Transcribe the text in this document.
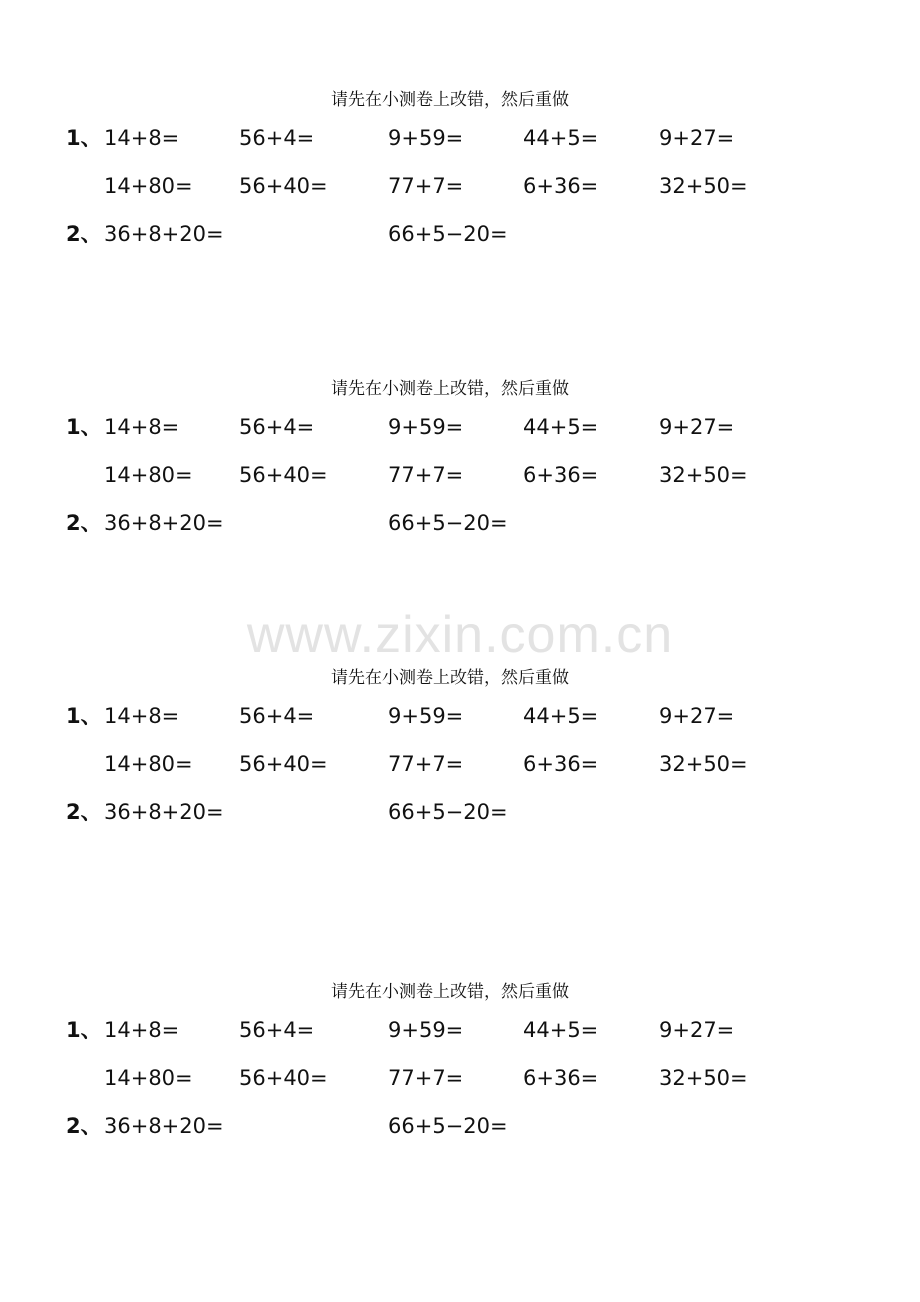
www.zixin.com.cn
请先在小测卷上改错，然后重做
1、 14+8=	56+4=	9+59=	44+5=	9+27=
14+80= 56+40=	77+7=	6+36=	32+50=
2、 36+8+20=	66+5−20=
请先在小测卷上改错，然后重做
1、 14+8=	56+4=	9+59=	44+5=	9+27=
14+80= 56+40=	77+7=	6+36=	32+50=
2、 36+8+20=	66+5−20=
请先在小测卷上改错，然后重做
1、 14+8=	56+4=	9+59=	44+5=	9+27=
14+80= 56+40=	77+7=	6+36=	32+50=
2、 36+8+20=	66+5−20=
请先在小测卷上改错，然后重做
1、 14+8=	56+4=	9+59=	44+5=	9+27=
14+80= 56+40=	77+7=	6+36=	32+50=
2、 36+8+20=	66+5−20=
